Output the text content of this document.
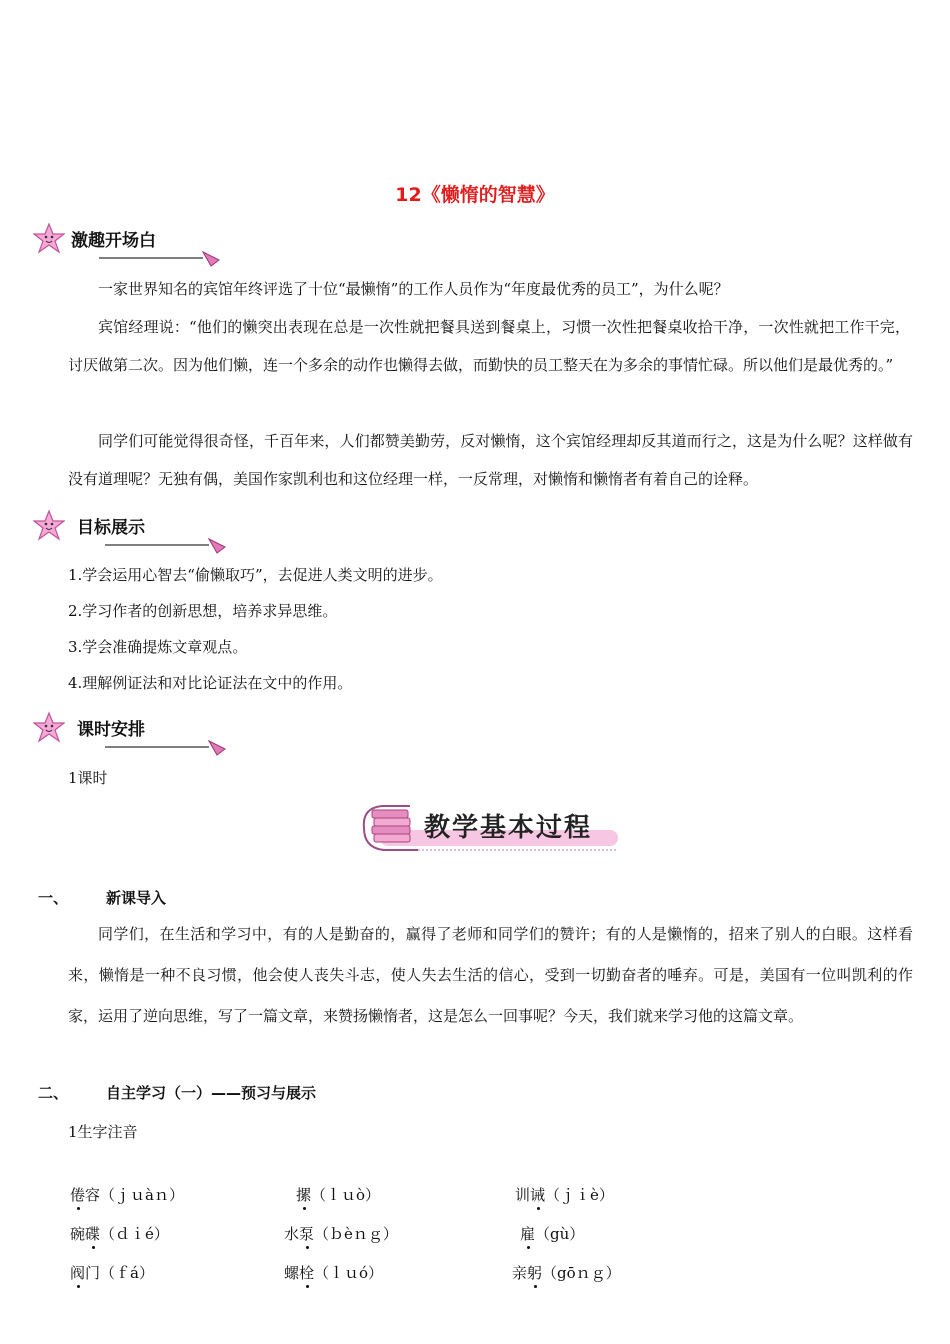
12《懒惰的智慧》
激趣开场白
一家世界知名的宾馆年终评选了十位“最懒惰”的工作人员作为“年度最优秀的员工”，为什么呢？
宾馆经理说：“他们的懒突出表现在总是一次性就把餐具送到餐桌上，习惯一次性把餐桌收拾干净，一次性就把工作干完，讨厌做第二次。因为他们懒，连一个多余的动作也懒得去做，而勤快的员工整天在为多余的事情忙碌。所以他们是最优秀的。”
同学们可能觉得很奇怪，千百年来，人们都赞美勤劳，反对懒惰，这个宾馆经理却反其道而行之，这是为什么呢？这样做有没有道理呢？无独有偶，美国作家凯利也和这位经理一样，一反常理，对懒惰和懒惰者有着自己的诠释。
目标展示
1.学会运用心智去“偷懒取巧”，去促进人类文明的进步。
2.学习作者的创新思想，培养求异思维。
3.学会准确提炼文章观点。
4.理解例证法和对比论证法在文中的作用。
课时安排
1课时
教学基本过程
一、	新课导入
同学们，在生活和学习中，有的人是勤奋的，赢得了老师和同学们的赞许；有的人是懒惰的，招来了别人的白眼。这样看来，懒惰是一种不良习惯，他会使人丧失斗志，使人失去生活的信心，受到一切勤奋者的唾弃。可是，美国有一位叫凯利的作家，运用了逆向思维，写了一篇文章，来赞扬懒惰者，这是怎么一回事呢？今天，我们就来学习他的这篇文章。
二、	自主学习（一）——预习与展示
1生字注音
倦容（ｊｕàｎ）	摞（ｌｕò）	训诫（ｊｉè）
碗碟（ｄｉé）	水泵（ｂèｎｇ）	雇（gù）
阀门（ｆá）	螺栓（ｌｕó）	亲躬（gōｎｇ）
